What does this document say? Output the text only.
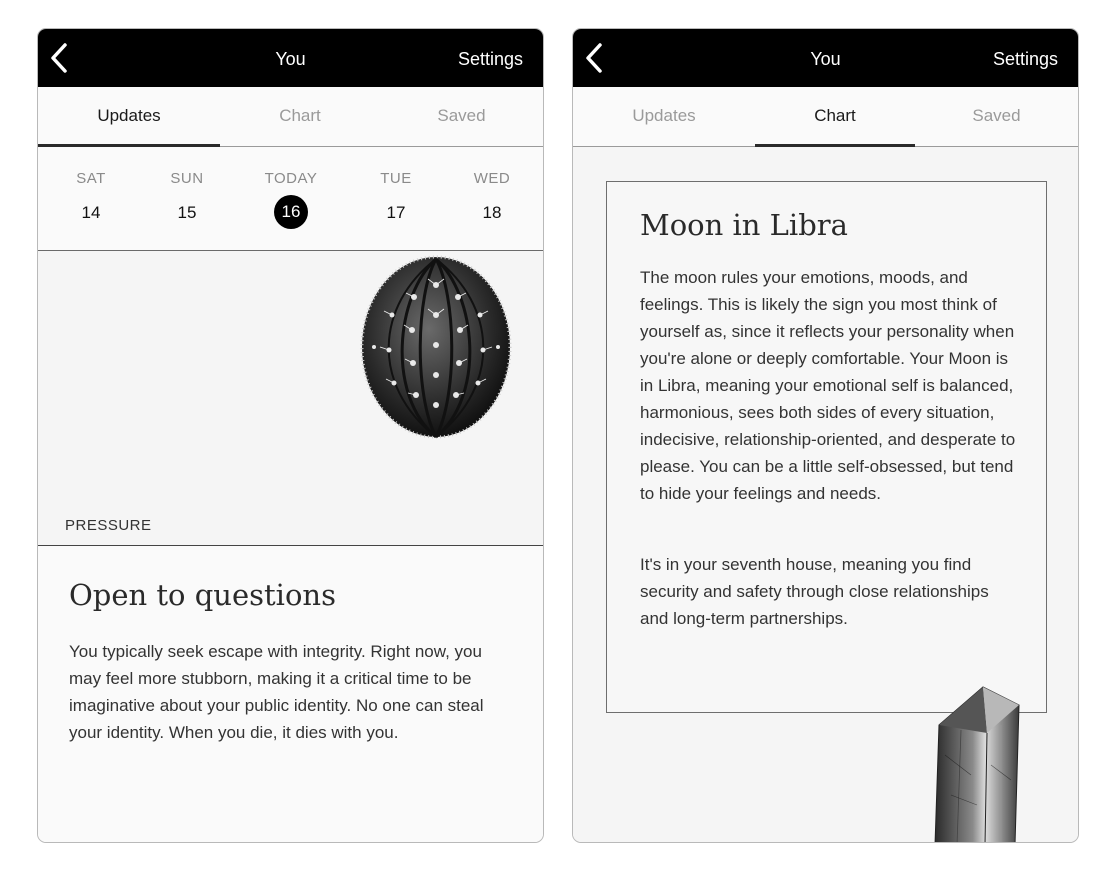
You	Settings
Updates	Chart	Saved
SAT
14
SUN
15
TODAY
16
TUE
17
WED
18
PRESSURE
Open to questions

You typically seek escape with integrity. Right now, you may feel more stubborn, making it a critical time to be imaginative about your public identity. No one can steal your identity. When you die, it dies with you.

You	Settings
Updates	Chart	Saved
Moon in Libra

The moon rules your emotions, moods, and feelings. This is likely the sign you most think of yourself as, since it reflects your personality when you're alone or deeply comfortable. Your Moon is in Libra, meaning your emotional self is balanced, harmonious, sees both sides of every situation, indecisive, relationship-oriented, and desperate to please. You can be a little self-obsessed, but tend to hide your feelings and needs.

It's in your seventh house, meaning you find security and safety through close relationships and long-term partnerships.
